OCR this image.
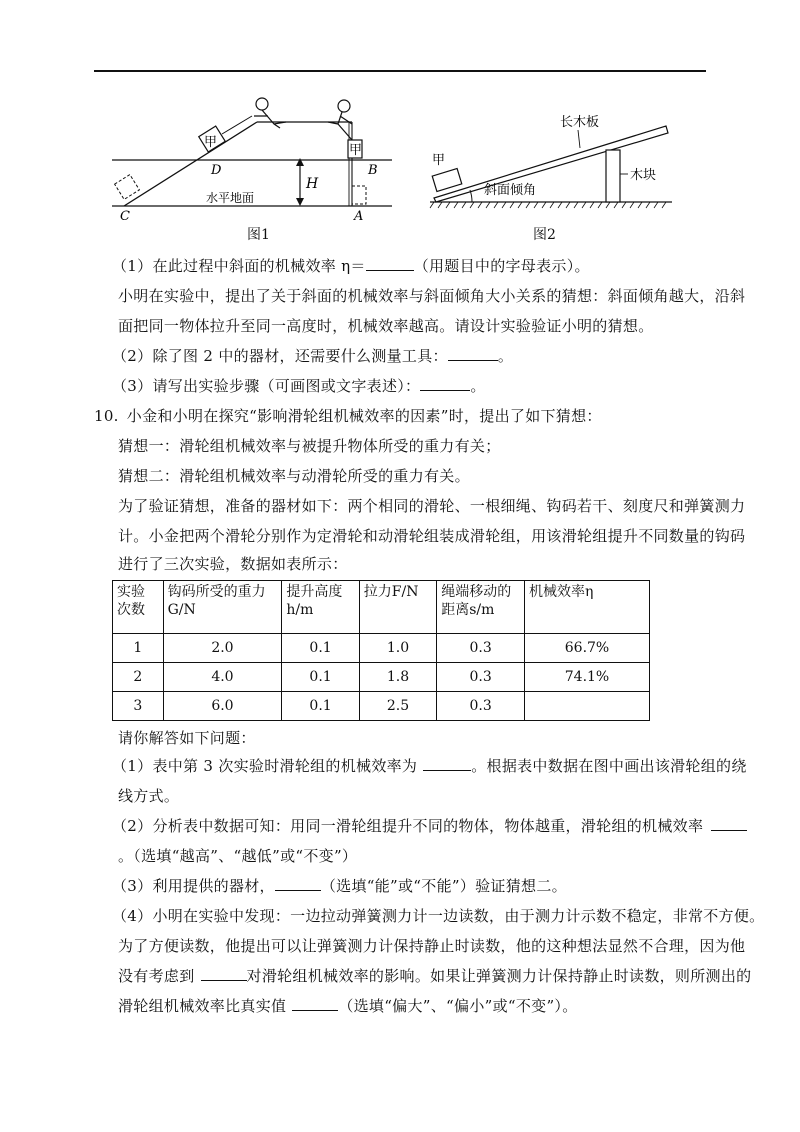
甲
甲
D	B
C	A
H
水平地面
图1
长木板
甲
斜面倾角
木块
图2
（1）在此过程中斜面的机械效率 η＝	（用题目中的字母表示）。
小明在实验中，提出了关于斜面的机械效率与斜面倾角大小关系的猜想：斜面倾角越大，沿斜
面把同一物体拉升至同一高度时，机械效率越高。请设计实验验证小明的猜想。
（2）除了图 2 中的器材，还需要什么测量工具：	。
（3）请写出实验步骤（可画图或文字表述）：	。
10. 小金和小明在探究“影响滑轮组机械效率的因素”时，提出了如下猜想：
猜想一：滑轮组机械效率与被提升物体所受的重力有关；
猜想二：滑轮组机械效率与动滑轮所受的重力有关。
为了验证猜想，准备的器材如下：两个相同的滑轮、一根细绳、钩码若干、刻度尺和弹簧测力
计。小金把两个滑轮分别作为定滑轮和动滑轮组装成滑轮组，用该滑轮组提升不同数量的钩码
进行了三次实验，数据如表所示：
实验次数	钩码所受的重力G/N	提升高度h/m	拉力F/N	绳端移动的距离s/m	机械效率η
1	2.0	0.1	1.0	0.3	66.7%
2	4.0	0.1	1.8	0.3	74.1%
3	6.0	0.1	2.5	0.3	
请你解答如下问题：
（1）表中第 3 次实验时滑轮组的机械效率为	。根据表中数据在图中画出该滑轮组的绕
线方式。
（2）分析表中数据可知：用同一滑轮组提升不同的物体，物体越重，滑轮组的机械效率
。（选填“越高”、“越低”或“不变”）
（3）利用提供的器材，	（选填“能”或“不能”）验证猜想二。
（4）小明在实验中发现：一边拉动弹簧测力计一边读数，由于测力计示数不稳定，非常不方便。
为了方便读数，他提出可以让弹簧测力计保持静止时读数，他的这种想法显然不合理，因为他
没有考虑到	对滑轮组机械效率的影响。如果让弹簧测力计保持静止时读数，则所测出的
滑轮组机械效率比真实值	（选填“偏大”、“偏小”或“不变”）。
